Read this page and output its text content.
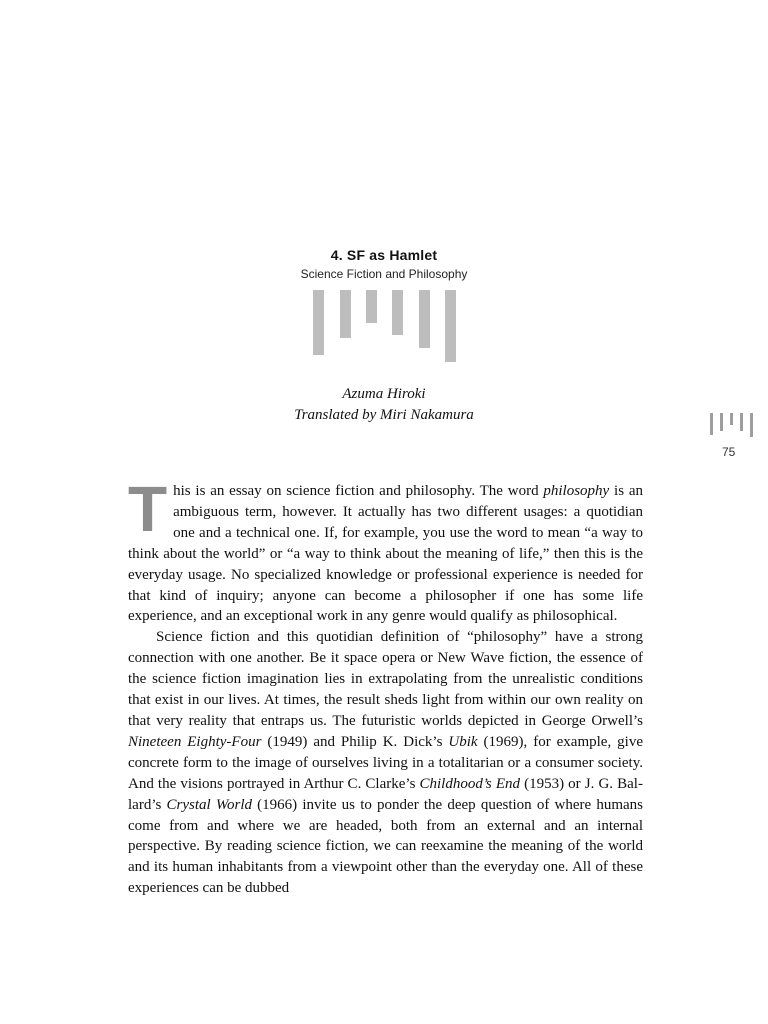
4. SF as Hamlet
Science Fiction and Philosophy
Azuma Hiroki
Translated by Miri Nakamura
75

This is an essay on science fiction and philosophy. The word philosophy is an ambiguous term, however. It actually has two different usages: a quotidian one and a technical one. If, for example, you use the word to mean “a way to think about the world” or “a way to think about the meaning of life,” then this is the everyday usage. No specialized knowledge or professional experience is needed for that kind of inquiry; anyone can become a philosopher if one has some life experience, and an exceptional work in any genre would qualify as philosophical.

Science fiction and this quotidian definition of “philosophy” have a strong connection with one another. Be it space opera or New Wave fiction, the essence of the science fiction imagination lies in extrapolating from the unrealistic conditions that exist in our lives. At times, the result sheds light from within our own reality on that very reality that entraps us. The futuristic worlds depicted in George Orwell’s Nineteen Eighty-Four (1949) and Philip K. Dick’s Ubik (1969), for example, give concrete form to the image of ourselves living in a totalitarian or a consumer society. And the visions portrayed in Arthur C. Clarke’s Childhood’s End (1953) or J. G. Ballard’s Crystal World (1966) invite us to ponder the deep question of where humans come from and where we are headed, both from an external and an internal perspective. By reading science fiction, we can reexamine the meaning of the world and its human inhabitants from a viewpoint other than the everyday one. All of these experiences can be dubbed
